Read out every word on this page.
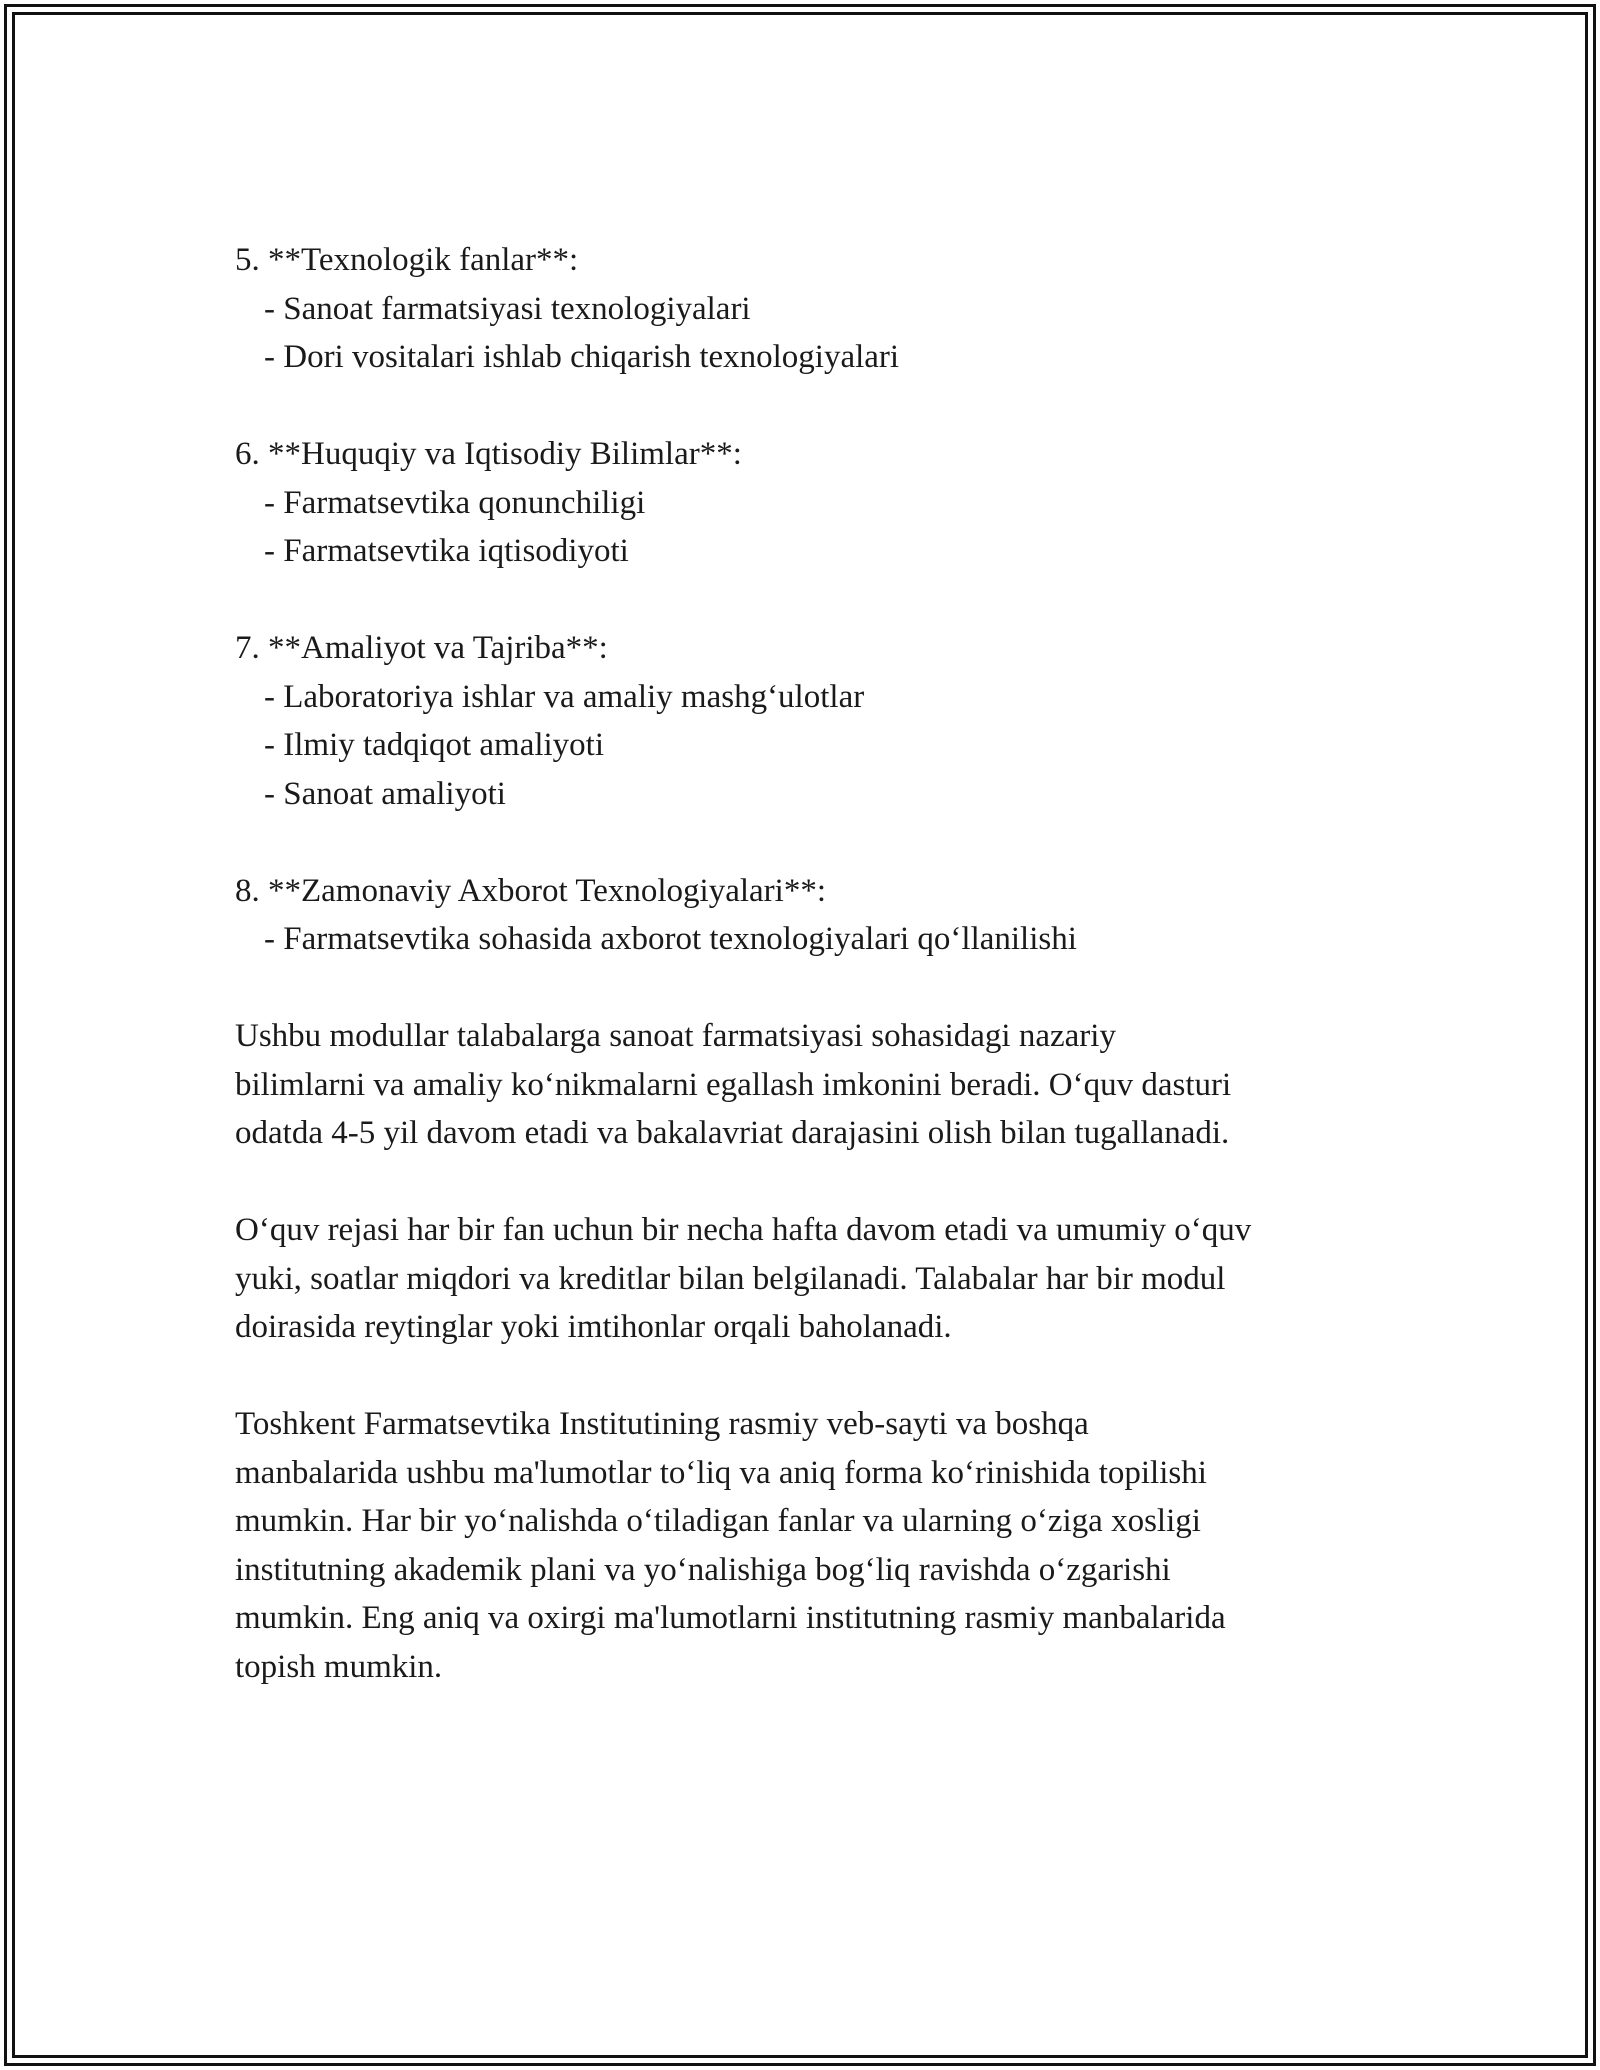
5. **Texnologik fanlar**:

- Sanoat farmatsiyasi texnologiyalari

- Dori vositalari ishlab chiqarish texnologiyalari

6. **Huquqiy va Iqtisodiy Bilimlar**:

- Farmatsevtika qonunchiligi

- Farmatsevtika iqtisodiyoti

7. **Amaliyot va Tajriba**:

- Laboratoriya ishlar va amaliy mashg‘ulotlar

- Ilmiy tadqiqot amaliyoti

- Sanoat amaliyoti

8. **Zamonaviy Axborot Texnologiyalari**:

- Farmatsevtika sohasida axborot texnologiyalari qo‘llanilishi

Ushbu modullar talabalarga sanoat farmatsiyasi sohasidagi nazariy
bilimlarni va amaliy ko‘nikmalarni egallash imkonini beradi. O‘quv dasturi
odatda 4-5 yil davom etadi va bakalavriat darajasini olish bilan tugallanadi.

O‘quv rejasi har bir fan uchun bir necha hafta davom etadi va umumiy o‘quv
yuki, soatlar miqdori va kreditlar bilan belgilanadi. Talabalar har bir modul
doirasida reytinglar yoki imtihonlar orqali baholanadi.

Toshkent Farmatsevtika Institutining rasmiy veb-sayti va boshqa
manbalarida ushbu ma'lumotlar to‘liq va aniq forma ko‘rinishida topilishi
mumkin. Har bir yo‘nalishda o‘tiladigan fanlar va ularning o‘ziga xosligi
institutning akademik plani va yo‘nalishiga bog‘liq ravishda o‘zgarishi
mumkin. Eng aniq va oxirgi ma'lumotlarni institutning rasmiy manbalarida
topish mumkin.
